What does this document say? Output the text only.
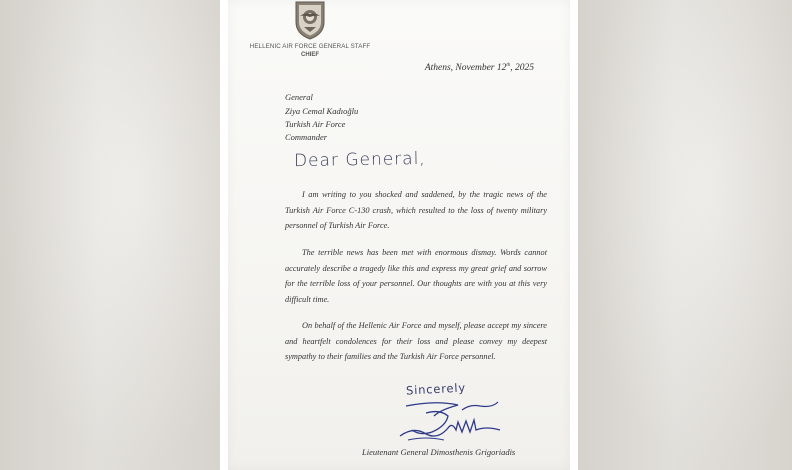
HELLENIC AIR FORCE GENERAL STAFF
CHIEF
Athens, November 12th, 2025
General
Ziya Cemal Kadıoğlu
Turkish Air Force
Commander
Dear General,
I am writing to you shocked and saddened, by the tragic news of the Turkish Air Force C-130 crash, which resulted to the loss of twenty military personnel of Turkish Air Force.
The terrible news has been met with enormous dismay. Words cannot accurately describe a tragedy like this and express my great grief and sorrow for the terrible loss of your personnel. Our thoughts are with you at this very difficult time.
On behalf of the Hellenic Air Force and myself, please accept my sincere and heartfelt condolences for their loss and please convey my deepest sympathy to their families and the Turkish Air Force personnel.
Sincerely
Lieutenant General Dimosthenis Grigoriadis
